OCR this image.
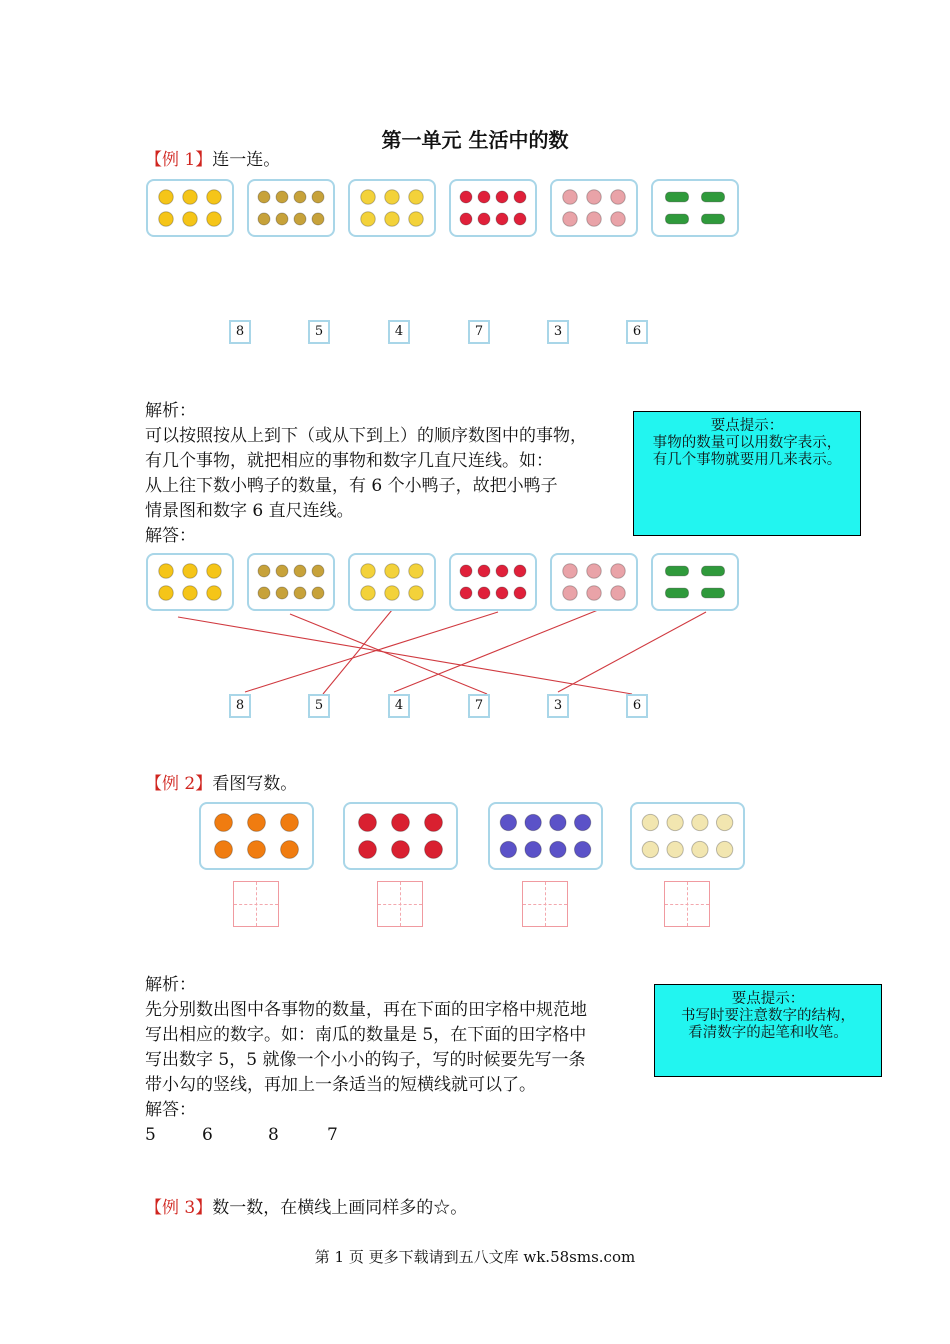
第一单元 生活中的数
【例 1】连一连。
8	5	4	7	3	6
解析：
可以按照按从上到下（或从下到上）的顺序数图中的事物，
有几个事物，就把相应的事物和数字几直尺连线。如：
从上往下数小鸭子的数量，有 6 个小鸭子，故把小鸭子
情景图和数字 6 直尺连线。
解答：
要点提示：
事物的数量可以用数字表示，
有几个事物就要用几来表示。
8	5	4	7	3	6
【例 2】看图写数。
解析：
先分别数出图中各事物的数量，再在下面的田字格中规范地
写出相应的数字。如：南瓜的数量是 5，在下面的田字格中
写出数字 5，5 就像一个小小的钩子，写的时候要先写一条
带小勾的竖线，再加上一条适当的短横线就可以了。
解答：
5	6	8	7
要点提示：
书写时要注意数字的结构，
看清数字的起笔和收笔。
【例 3】数一数，在横线上画同样多的☆。
第 1 页 更多下载请到五八文库 wk.58sms.com
